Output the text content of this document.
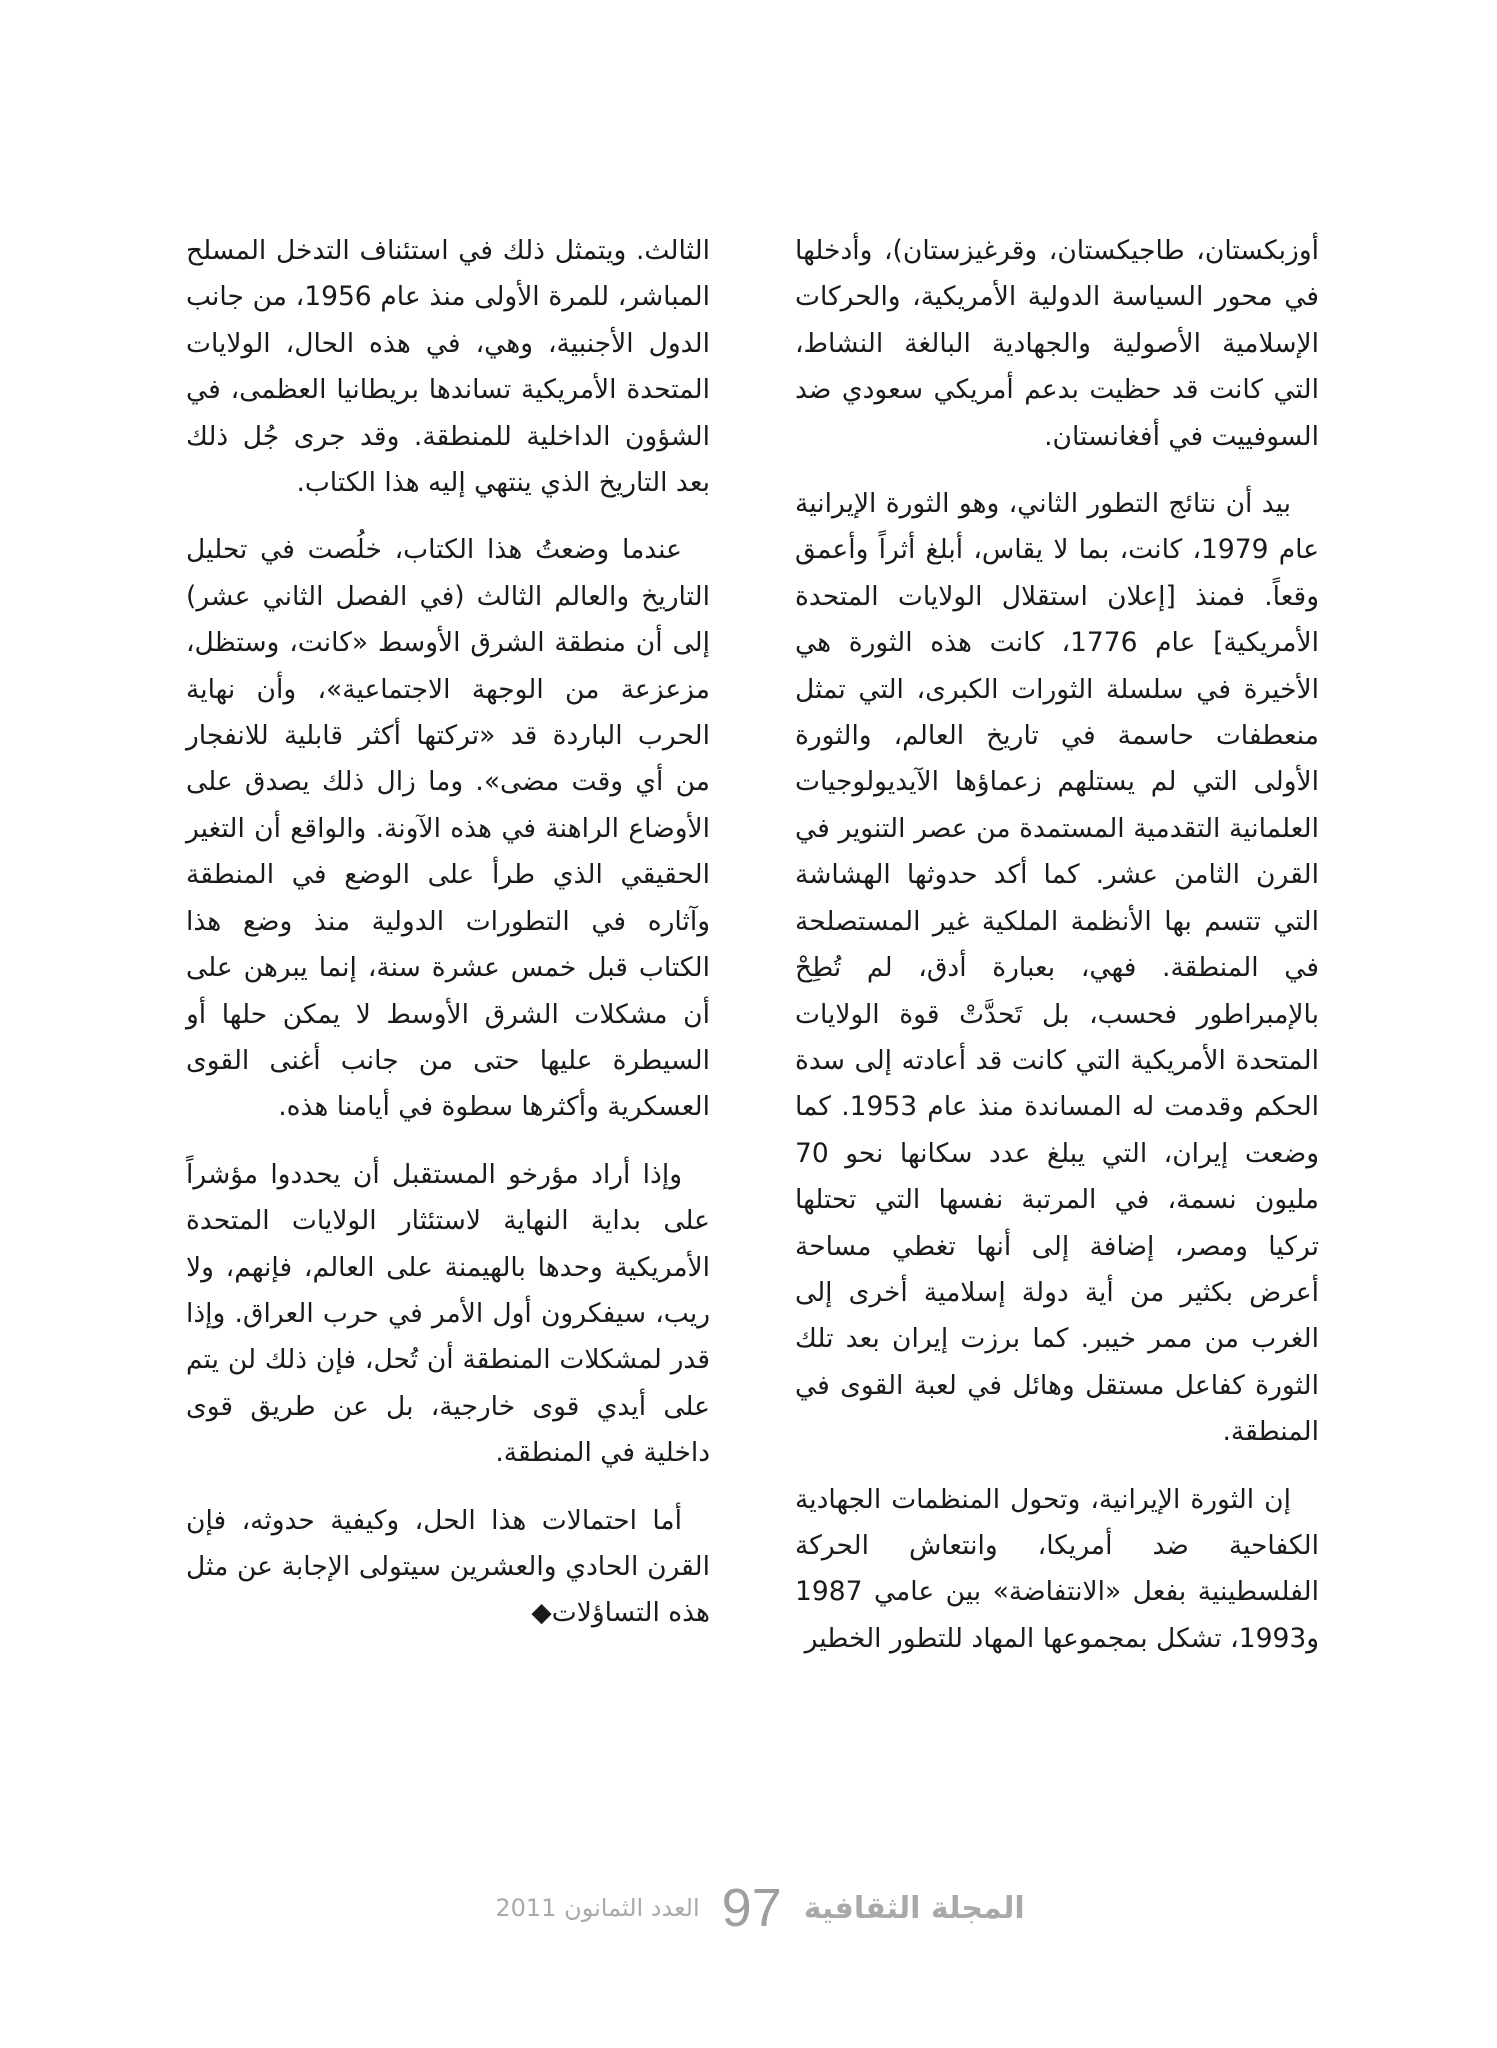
أوزبكستان، طاجيكستان، وقرغيزستان)، وأدخلها في محور السياسة الدولية الأمريكية، والحركات الإسلامية الأصولية والجهادية البالغة النشاط، التي كانت قد حظيت بدعم أمريكي سعودي ضد السوفييت في أفغانستان.

بيد أن نتائج التطور الثاني، وهو الثورة الإيرانية عام 1979، كانت، بما لا يقاس، أبلغ أثراً وأعمق وقعاً. فمنذ [إعلان استقلال الولايات المتحدة الأمريكية] عام 1776، كانت هذه الثورة هي الأخيرة في سلسلة الثورات الكبرى، التي تمثل منعطفات حاسمة في تاريخ العالم، والثورة الأولى التي لم يستلهم زعماؤها الآيديولوجيات العلمانية التقدمية المستمدة من عصر التنوير في القرن الثامن عشر. كما أكد حدوثها الهشاشة التي تتسم بها الأنظمة الملكية غير المستصلحة في المنطقة. فهي، بعبارة أدق، لم تُطِحْ بالإمبراطور فحسب، بل تَحدَّتْ قوة الولايات المتحدة الأمريكية التي كانت قد أعادته إلى سدة الحكم وقدمت له المساندة منذ عام 1953. كما وضعت إيران، التي يبلغ عدد سكانها نحو 70 مليون نسمة، في المرتبة نفسها التي تحتلها تركيا ومصر، إضافة إلى أنها تغطي مساحة أعرض بكثير من أية دولة إسلامية أخرى إلى الغرب من ممر خيبر. كما برزت إيران بعد تلك الثورة كفاعل مستقل وهائل في لعبة القوى في المنطقة.

إن الثورة الإيرانية، وتحول المنظمات الجهادية الكفاحية ضد أمريكا، وانتعاش الحركة الفلسطينية بفعل «الانتفاضة» بين عامي 1987 و1993، تشكل بمجموعها المهاد للتطور الخطير

الثالث. ويتمثل ذلك في استئناف التدخل المسلح المباشر، للمرة الأولى منذ عام 1956، من جانب الدول الأجنبية، وهي، في هذه الحال، الولايات المتحدة الأمريكية تساندها بريطانيا العظمى، في الشؤون الداخلية للمنطقة. وقد جرى جُل ذلك بعد التاريخ الذي ينتهي إليه هذا الكتاب.

عندما وضعتُ هذا الكتاب، خلُصت في تحليل التاريخ والعالم الثالث (في الفصل الثاني عشر) إلى أن منطقة الشرق الأوسط «كانت، وستظل، مزعزعة من الوجهة الاجتماعية»، وأن نهاية الحرب الباردة قد «تركتها أكثر قابلية للانفجار من أي وقت مضى». وما زال ذلك يصدق على الأوضاع الراهنة في هذه الآونة. والواقع أن التغير الحقيقي الذي طرأ على الوضع في المنطقة وآثاره في التطورات الدولية منذ وضع هذا الكتاب قبل خمس عشرة سنة، إنما يبرهن على أن مشكلات الشرق الأوسط لا يمكن حلها أو السيطرة عليها حتى من جانب أغنى القوى العسكرية وأكثرها سطوة في أيامنا هذه.

وإذا أراد مؤرخو المستقبل أن يحددوا مؤشراً على بداية النهاية لاستئثار الولايات المتحدة الأمريكية وحدها بالهيمنة على العالم، فإنهم، ولا ريب، سيفكرون أول الأمر في حرب العراق. وإذا قدر لمشكلات المنطقة أن تُحل، فإن ذلك لن يتم على أيدي قوى خارجية، بل عن طريق قوى داخلية في المنطقة.

أما احتمالات هذا الحل، وكيفية حدوثه، فإن القرن الحادي والعشرين سيتولى الإجابة عن مثل هذه التساؤلات◆

المجلة الثقافية
97
العدد الثمانون 2011
